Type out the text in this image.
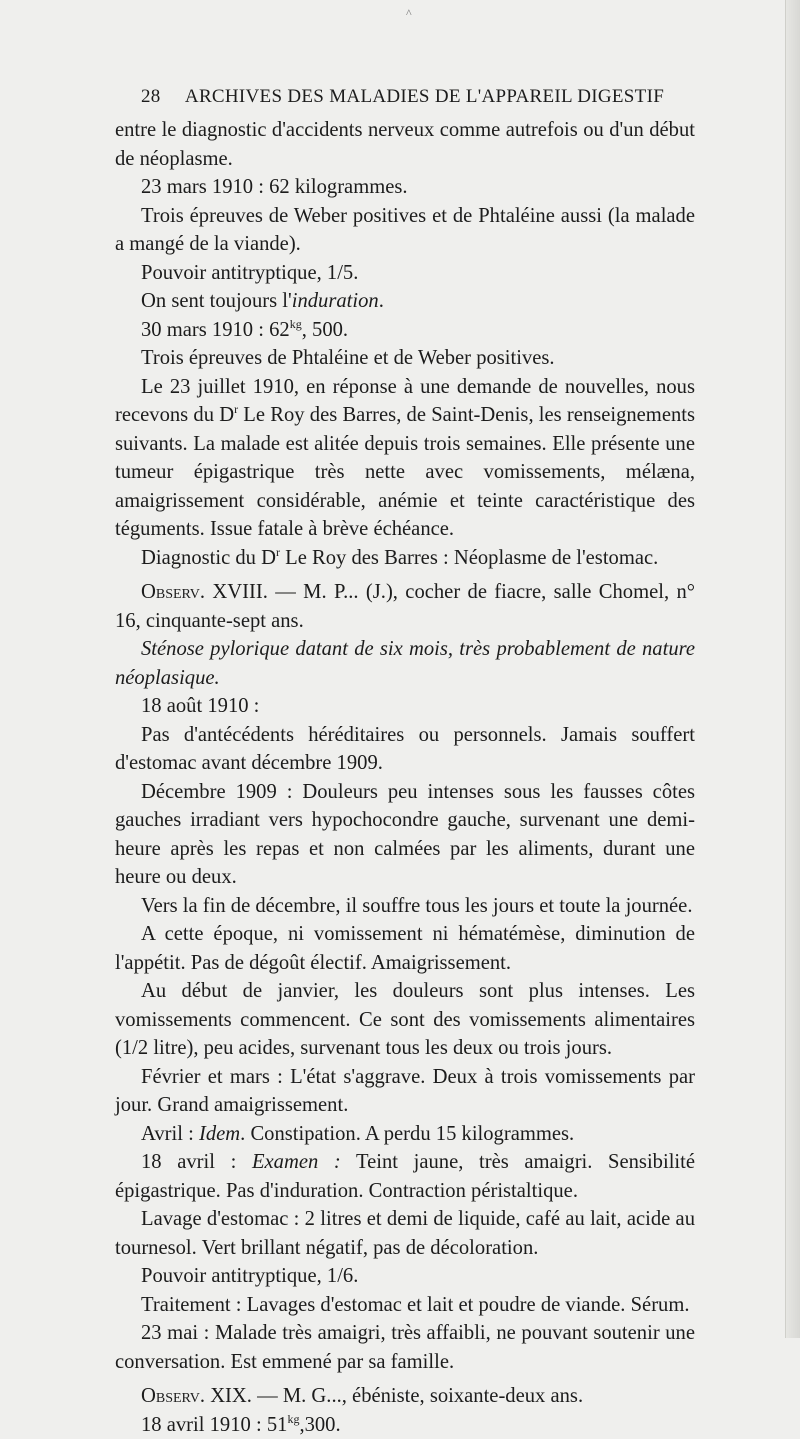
^
28	ARCHIVES DES MALADIES DE L'APPAREIL DIGESTIF

entre le diagnostic d'accidents nerveux comme autrefois ou d'un début de néoplasme.

23 mars 1910 : 62 kilogrammes.

Trois épreuves de Weber positives et de Phtaléine aussi (la malade a mangé de la viande).

Pouvoir antitryptique, 1/5.

On sent toujours l'induration.

30 mars 1910 : $62^{kg}$, 500.

Trois épreuves de Phtaléine et de Weber positives.

Le 23 juillet 1910, en réponse à une demande de nouvelles, nous recevons du $D^r$ Le Roy des Barres, de Saint-Denis, les renseignements suivants. La malade est alitée depuis trois semaines. Elle présente une tumeur épigastrique très nette avec vomissements, mélæna, amaigrissement considérable, anémie et teinte caractéristique des téguments. Issue fatale à brève échéance.

Diagnostic du $D^r$ Le Roy des Barres : Néoplasme de l'estomac.

Observ. XVIII. — M. P... (J.), cocher de fiacre, salle Chomel, n° 16, cinquante-sept ans.

Sténose pylorique datant de six mois, très probablement de nature néoplasique.

18 août 1910 :

Pas d'antécédents héréditaires ou personnels. Jamais souffert d'estomac avant décembre 1909.

Décembre 1909 : Douleurs peu intenses sous les fausses côtes gauches irradiant vers hypochocondre gauche, survenant une demi-heure après les repas et non calmées par les aliments, durant une heure ou deux.

Vers la fin de décembre, il souffre tous les jours et toute la journée.

A cette époque, ni vomissement ni hématémèse, diminution de l'appétit. Pas de dégoût électif. Amaigrissement.

Au début de janvier, les douleurs sont plus intenses. Les vomissements commencent. Ce sont des vomissements alimentaires (1/2 litre), peu acides, survenant tous les deux ou trois jours.

Février et mars : L'état s'aggrave. Deux à trois vomissements par jour. Grand amaigrissement.

Avril : Idem. Constipation. A perdu 15 kilogrammes.

18 avril : Examen : Teint jaune, très amaigri. Sensibilité épigastrique. Pas d'induration. Contraction péristaltique.

Lavage d'estomac : 2 litres et demi de liquide, café au lait, acide au tournesol. Vert brillant négatif, pas de décoloration.

Pouvoir antitryptique, 1/6.

Traitement : Lavages d'estomac et lait et poudre de viande. Sérum.

23 mai : Malade très amaigri, très affaibli, ne pouvant soutenir une conversation. Est emmené par sa famille.

Observ. XIX. — M. G..., ébéniste, soixante-deux ans.

18 avril 1910 : $51^{kg},300$.
